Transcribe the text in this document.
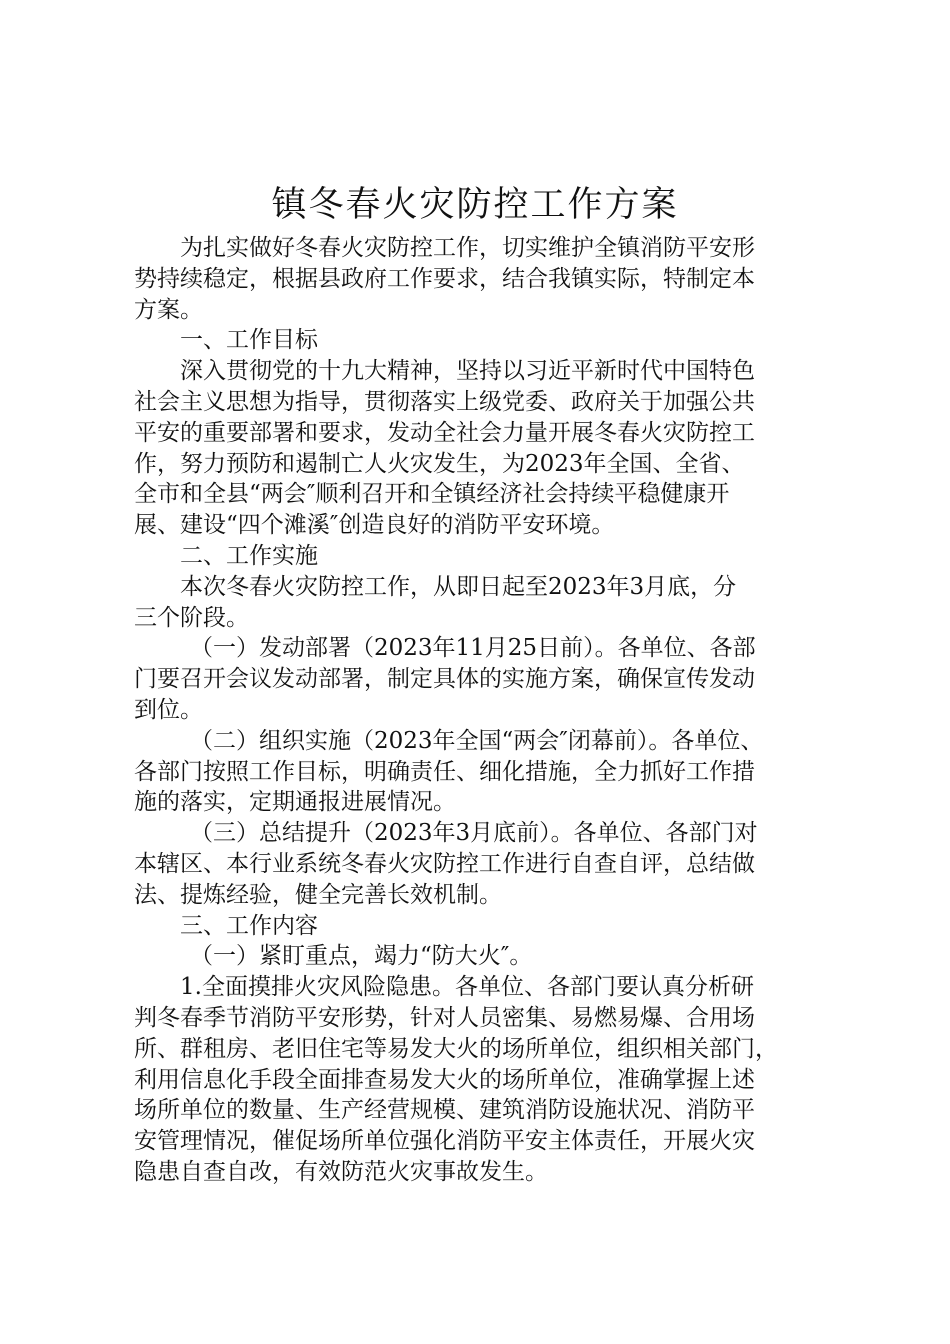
镇冬春火灾防控工作方案
为扎实做好冬春火灾防控工作，切实维护全镇消防平安形
势持续稳定，根据县政府工作要求，结合我镇实际，特制定本
方案。
一、工作目标
深入贯彻党的十九大精神，坚持以习近平新时代中国特色
社会主义思想为指导，贯彻落实上级党委、政府关于加强公共
平安的重要部署和要求，发动全社会力量开展冬春火灾防控工
作，努力预防和遏制亡人火灾发生，为2023年全国、全省、
全市和全县“两会″顺利召开和全镇经济社会持续平稳健康开
展、建设“四个滩溪″创造良好的消防平安环境。
二、工作实施
本次冬春火灾防控工作，从即日起至2023年3月底，分
三个阶段。
（一）发动部署（2023年11月25日前）。各单位、各部
门要召开会议发动部署，制定具体的实施方案，确保宣传发动
到位。
（二）组织实施（2023年全国“两会″闭幕前）。各单位、
各部门按照工作目标，明确责任、细化措施，全力抓好工作措
施的落实，定期通报进展情况。
（三）总结提升（2023年3月底前）。各单位、各部门对
本辖区、本行业系统冬春火灾防控工作进行自查自评，总结做
法、提炼经验，健全完善长效机制。
三、工作内容
（一）紧盯重点，竭力“防大火″。
1.全面摸排火灾风险隐患。各单位、各部门要认真分析研
判冬春季节消防平安形势，针对人员密集、易燃易爆、合用场
所、群租房、老旧住宅等易发大火的场所单位，组织相关部门，
利用信息化手段全面排查易发大火的场所单位，准确掌握上述
场所单位的数量、生产经营规模、建筑消防设施状况、消防平
安管理情况，催促场所单位强化消防平安主体责任，开展火灾
隐患自查自改，有效防范火灾事故发生。
